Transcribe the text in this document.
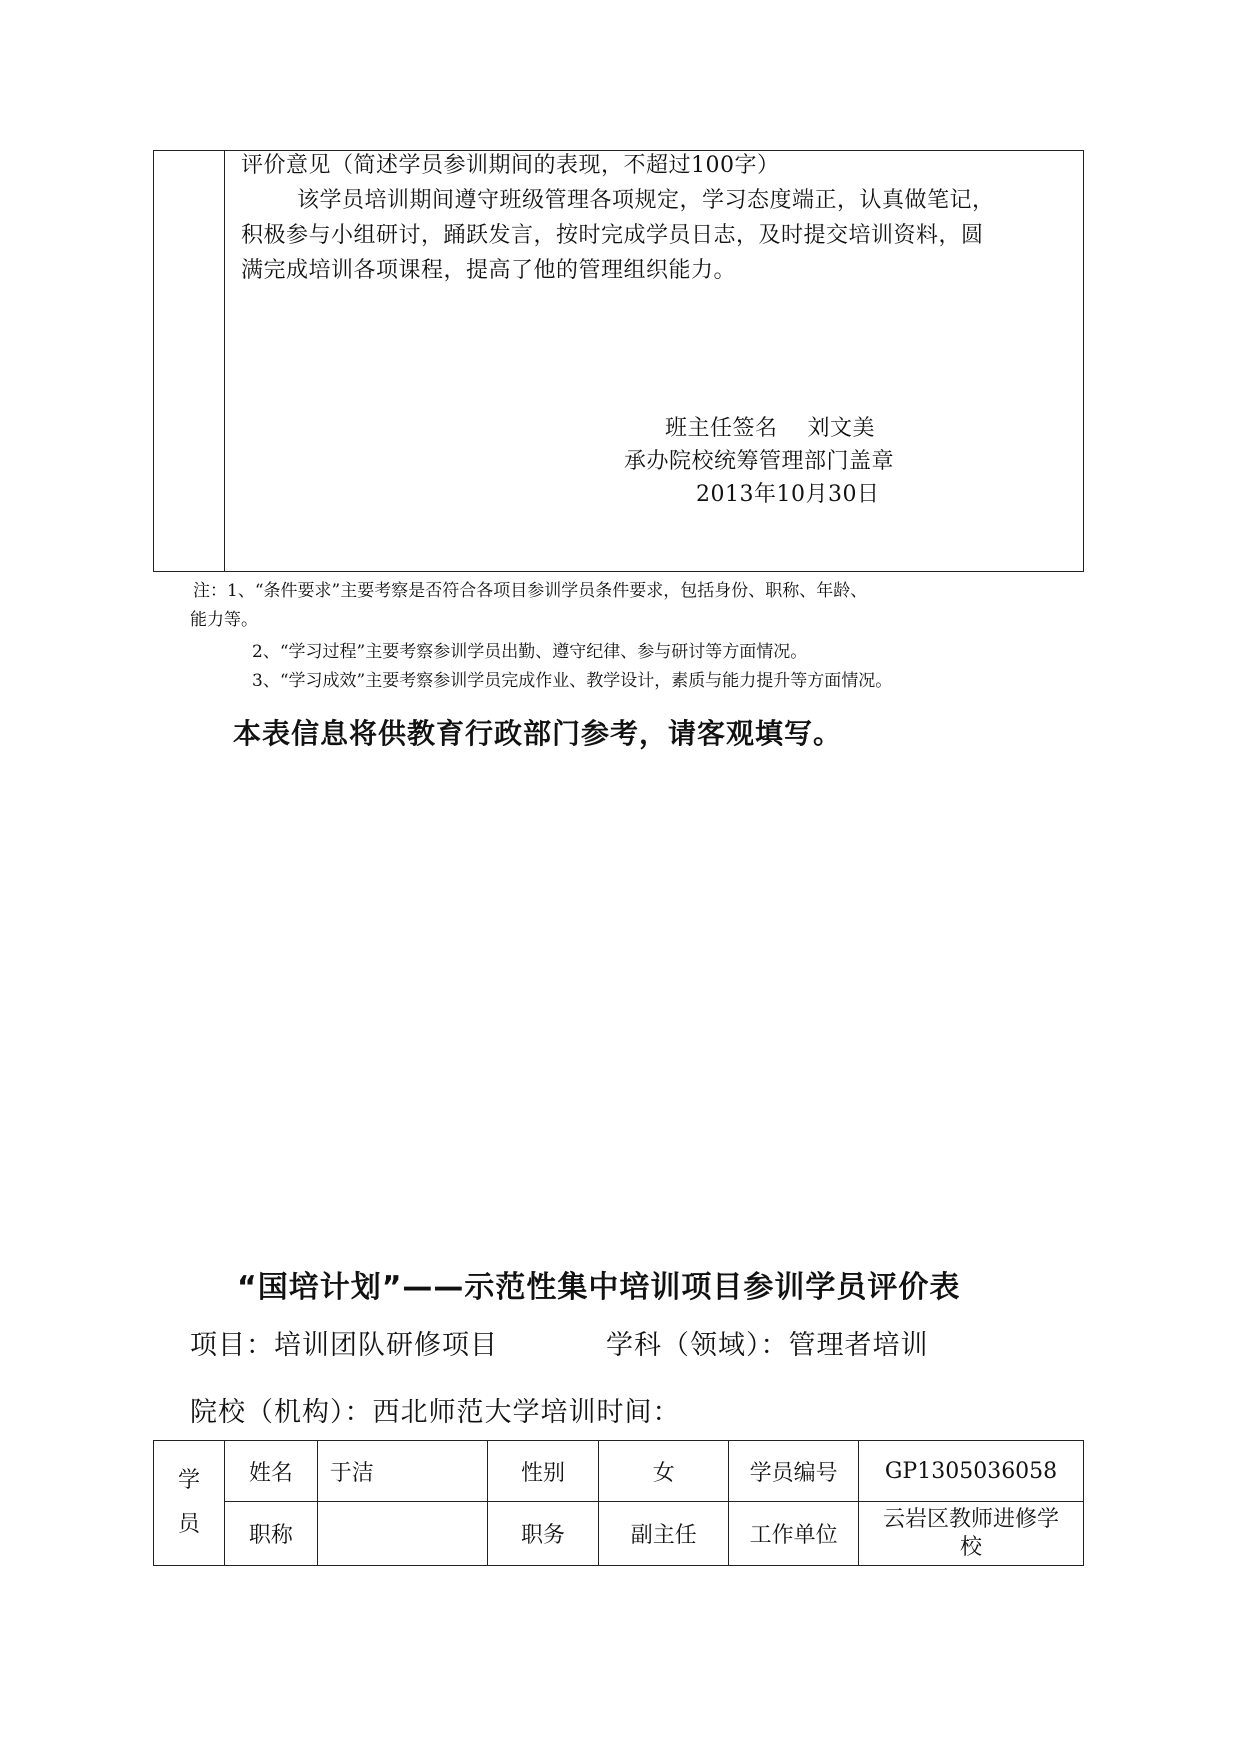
评价意见（简述学员参训期间的表现，不超过100字）
该学员培训期间遵守班级管理各项规定，学习态度端正，认真做笔记，
积极参与小组研讨，踊跃发言，按时完成学员日志，及时提交培训资料，圆
满完成培训各项课程，提高了他的管理组织能力。
班主任签名    刘文美
承办院校统筹管理部门盖章
2013年10月30日
注：1、“条件要求”主要考察是否符合各项目参训学员条件要求，包括身份、职称、年龄、
能力等。
2、“学习过程”主要考察参训学员出勤、遵守纪律、参与研讨等方面情况。
3、“学习成效”主要考察参训学员完成作业、教学设计，素质与能力提升等方面情况。
本表信息将供教育行政部门参考，请客观填写。
“国培计划”——示范性集中培训项目参训学员评价表
项目：培训团队研修项目	学科（领域）：管理者培训
院校（机构）：西北师范大学培训时间：
学
员	姓名	于洁	性别	女	学员编号	GP1305036058
	职称		职务	副主任	工作单位	云岩区教师进修学
校
